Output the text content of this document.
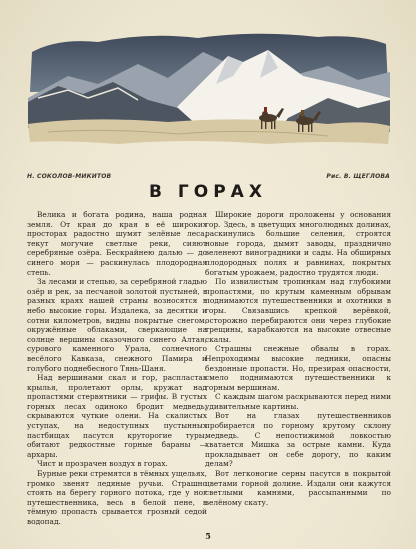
Н. СОКОЛОВ-МИКИТОВ	Рис. В. ЩЕГЛОВА
В ГОРАХ

Велика и богата родина, наша родная земля. От края до края в её широких просторах радостно шумят зелёные леса, текут могучие светлые реки, сияют серебряные озёра. Бескрайнею далью — до синего моря — раскинулась плодородная степь.

За лесами и степью, за серебряной гладью озёр и рек, за песчаной золотой пустыней, в разных краях нашей страны возносятся в небо высокие горы. Издалека, за десятки и сотни километров, видны покрытые снегом, окружённые облаками, сверкающие на солнце вершины сказочного синего Алтая, сурового каменного Урала, солнечного весёлого Кавказа, снежного Памира и голубого поднебесного Тянь-Шаня.

Над вершинами скал и гор, распластав крылья, пролетают орлы, кружат над пропастями стервятники — грифы. В густых горных лесах одиноко бродит медведь, скрываются чуткие олени. На скалистых уступах, на недоступных пустынных пастбищах пасутся круторогие туры, обитают редкостные горные бараны — архары.

Чист и прозрачен воздух в горах.

Бурные реки стремятся в тёмных ущельях, громко звенят ледяные ручьи. Страшно стоять на берегу горного потока, где у ног путешественника, весь в белой пене, в тёмную пропасть срывается грозный седой водопад.

Широкие дороги проложены у основания гор. Здесь, в цветущих многолюдных долинах, раскинулись большие селения, строятся новые города, дымят заводы, празднично зеленеют виноградники и сады. На обширных плодородных полях и равнинах, покрытых богатым урожаем, радостно трудятся люди.

По извилистым тропинкам над глубокими пропастями, по крутым каменным обрывам поднимаются путешественники и охотники в горы. Связавшись крепкой верёвкой, осторожно перебираются они через глубокие трещины, карабкаются на высокие отвесные скалы.

Страшны снежные обвалы в горах. Непроходимы высокие ледники, опасны бездонные пропасти. Но, презирая опасности, смело поднимаются путешественники к горным вершинам.

С каждым шагом раскрываются перед ними удивительные картины.

Вот на глазах путешественников пробирается по горному крутому склону медведь. С непостижимой ловкостью хватается Мишка за острые камни. Куда прокладывает он себе дорогу, по каким делам?

Вот легконогие серны пасутся в покрытой цветами горной долине. Издали они кажутся светлыми камнями, рассыпанными по зелёному скату.

5
